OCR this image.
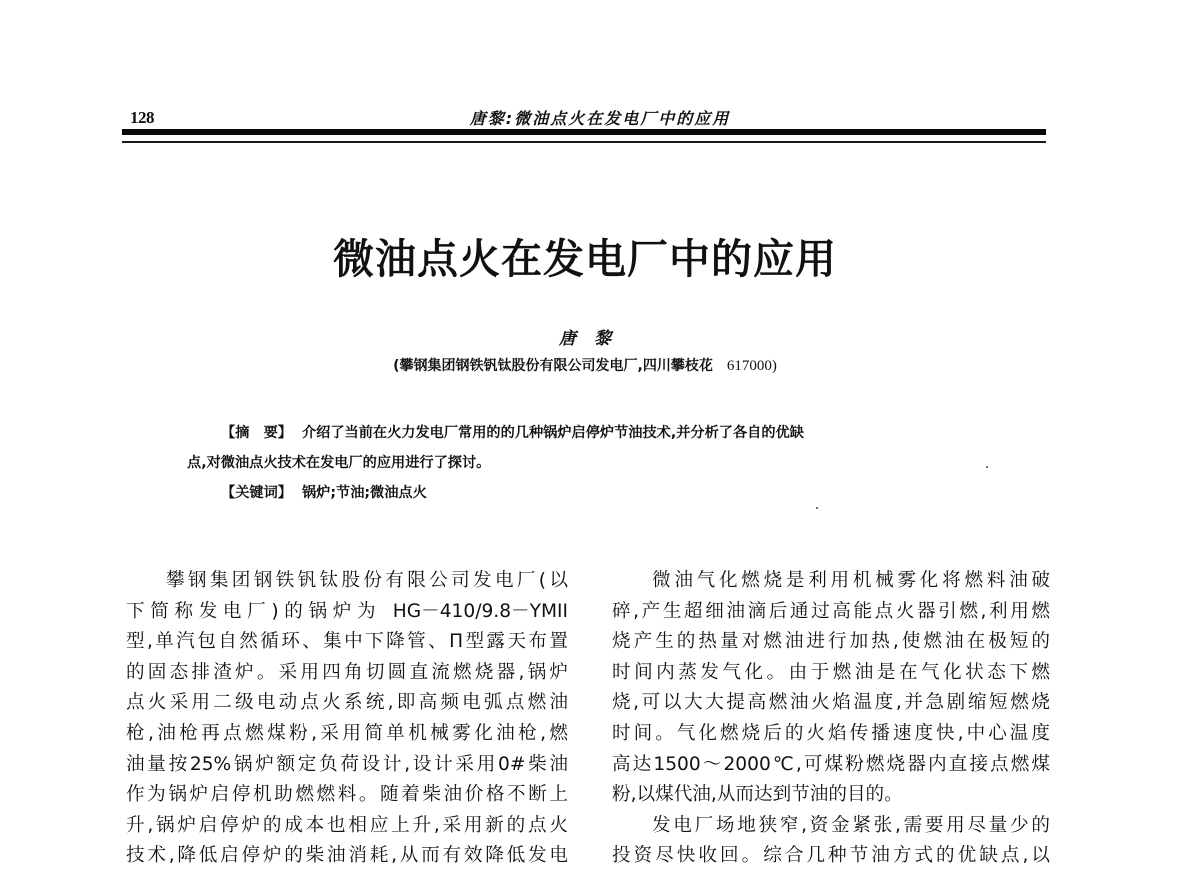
128	唐黎:微油点火在发电厂中的应用
微油点火在发电厂中的应用
唐黎
(攀钢集团钢铁钒钛股份有限公司发电厂,四川攀枝花 617000)

【摘　要】 介绍了当前在火力发电厂常用的的几种锅炉启停炉节油技术,并分析了各自的优缺

点,对微油点火技术在发电厂的应用进行了探讨。

【关键词】 锅炉;节油;微油点火

攀钢集团钢铁钒钛股份有限公司发电厂(以
下简称发电厂)的锅炉为 HG－410/9.8－YMII
型,单汽包自然循环、集中下降管、Π型露天布置
的固态排渣炉。采用四角切圆直流燃烧器,锅炉
点火采用二级电动点火系统,即高频电弧点燃油
枪,油枪再点燃煤粉,采用简单机械雾化油枪,燃
油量按25%锅炉额定负荷设计,设计采用0#柴油
作为锅炉启停机助燃燃料。随着柴油价格不断上
升,锅炉启停炉的成本也相应上升,采用新的点火
技术,降低启停炉的柴油消耗,从而有效降低发电
微油气化燃烧是利用机械雾化将燃料油破
碎,产生超细油滴后通过高能点火器引燃,利用燃
烧产生的热量对燃油进行加热,使燃油在极短的
时间内蒸发气化。由于燃油是在气化状态下燃
烧,可以大大提高燃油火焰温度,并急剧缩短燃烧
时间。气化燃烧后的火焰传播速度快,中心温度
高达1500～2000℃,可煤粉燃烧器内直接点燃煤
粉,以煤代油,从而达到节油的目的。
发电厂场地狭窄,资金紧张,需要用尽量少的
投资尽快收回。综合几种节油方式的优缺点,以
